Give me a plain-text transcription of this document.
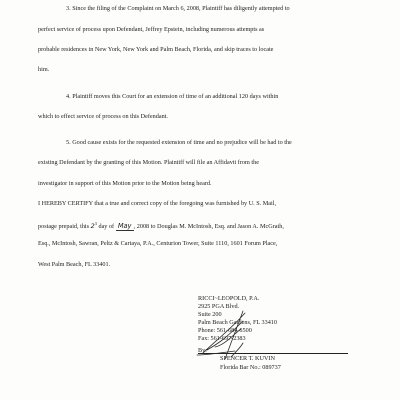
3. Since the filing of the Complaint on March 6, 2008, Plaintiff has diligently attempted to
perfect service of process upon Defendant, Jeffrey Epstein, including numerous attempts as
probable residences in New York, New York and Palm Beach, Florida, and skip traces to locate
him.
4. Plaintiff moves this Court for an extension of time of an additional 120 days within
which to effect service of process on this Defendant.
5. Good cause exists for the requested extension of time and no prejudice will be had to the
existing Defendant by the granting of this Motion. Plaintiff will file an Affidavit from the
investigator in support of this Motion prior to the Motion being heard.
I HEREBY CERTIFY that a true and correct copy of the foregoing was furnished by U. S. Mail,
postage prepaid, this $2^3$ day of May , 2008 to Douglas M. McIntosh, Esq. and Jason A. McGrath,
Esq., McIntosh, Sawran, Peltz & Cartaya, P.A., Centurion Tower, Suite 1110, 1601 Forum Place,
West Palm Beach, FL 33401.
RICCI~LEOPOLD, P.A.
2925 PGA Blvd.
Suite 200
Palm Beach Gardens, FL 33410
Phone: 561-684-6500
Fax: 561-697-2383
By:
SPENCER T. KUVIN
Florida Bar No.: 089737
